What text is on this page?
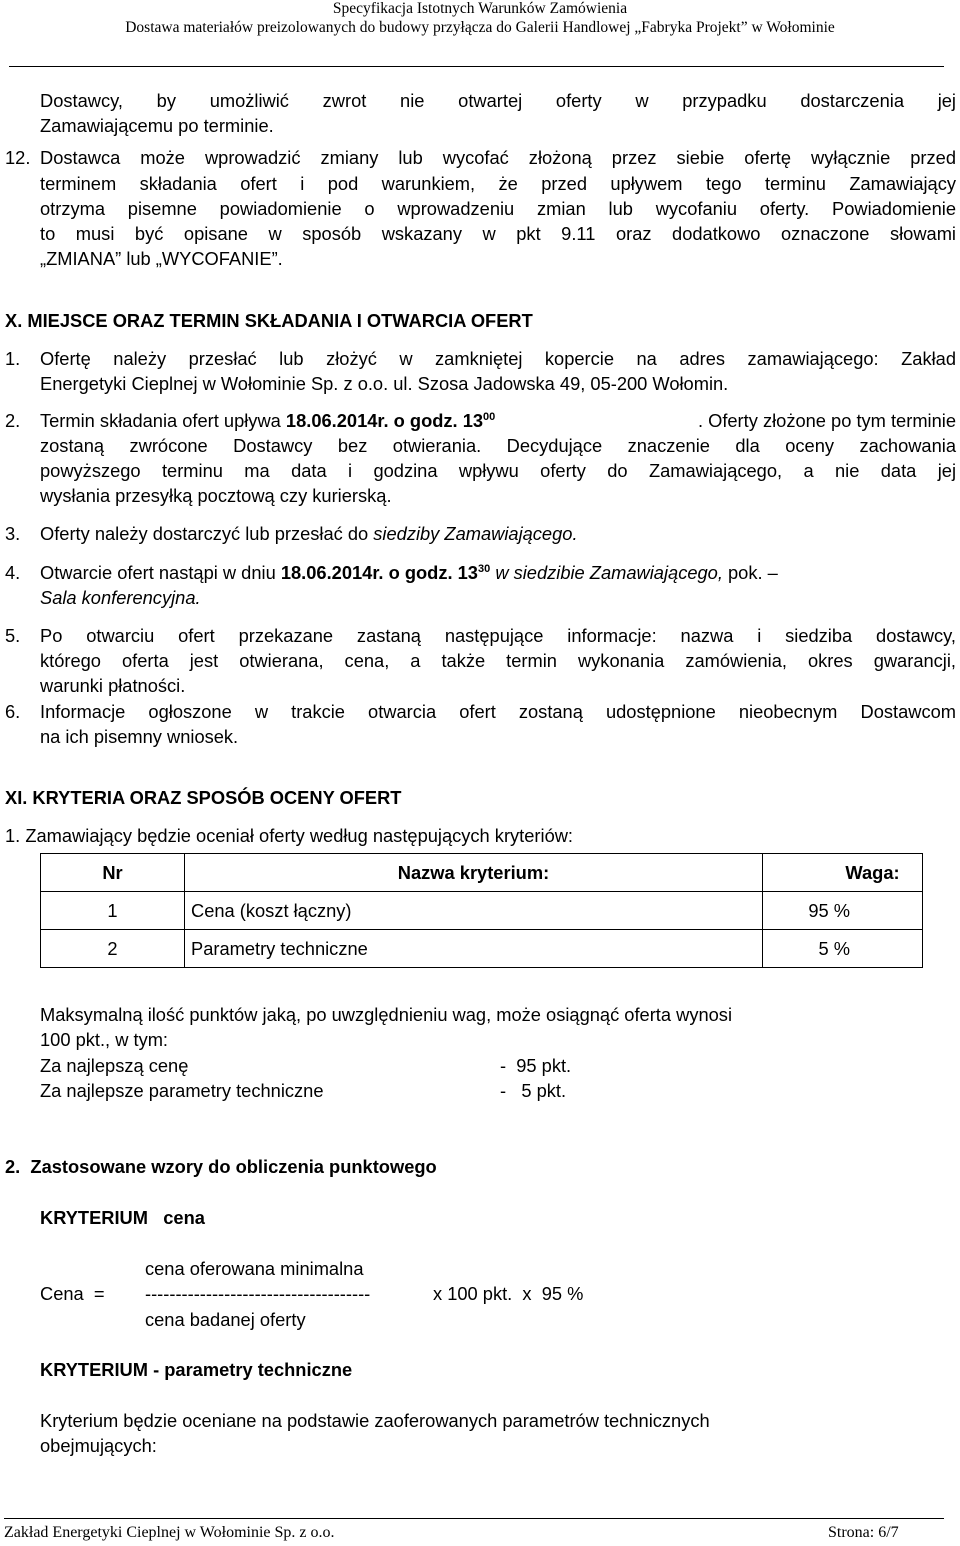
Specyfikacja Istotnych Warunków Zamówienia
Dostawa materiałów preizolowanych do budowy przyłącza do Galerii Handlowej „Fabryka Projekt” w Wołominie
Dostawcy, by umożliwić zwrot nie otwartej oferty w przypadku dostarczenia jej
Zamawiającemu po terminie.
12. Dostawca może wprowadzić zmiany lub wycofać złożoną przez siebie ofertę wyłącznie przed
terminem składania ofert i pod warunkiem, że przed upływem tego terminu Zamawiający
otrzyma pisemne powiadomienie o wprowadzeniu zmian lub wycofaniu oferty. Powiadomienie
to musi być opisane w sposób wskazany w pkt 9.11 oraz dodatkowo oznaczone słowami
„ZMIANA” lub „WYCOFANIE”.
X. MIEJSCE ORAZ TERMIN SKŁADANIA I OTWARCIA OFERT
1. Ofertę należy przesłać lub złożyć w zamkniętej kopercie na adres zamawiającego: Zakład
Energetyki Cieplnej w Wołominie Sp. z o.o. ul. Szosa Jadowska 49, 05-200 Wołomin.
2. Termin składania ofert upływa 18.06.2014r. o godz. $13^{00}$	. Oferty złożone po tym terminie
zostaną zwrócone Dostawcy bez otwierania. Decydujące znaczenie dla oceny zachowania
powyższego terminu ma data i godzina wpływu oferty do Zamawiającego, a nie data jej
wysłania przesyłką pocztową czy kurierską.
3. Oferty należy dostarczyć lub przesłać do siedziby Zamawiającego.
4. Otwarcie ofert nastąpi w dniu 18.06.2014r. o godz. $13^{30}$ w siedzibie Zamawiającego, pok. –
Sala konferencyjna.
5. Po otwarciu ofert przekazane zastaną następujące informacje: nazwa i siedziba dostawcy,
którego oferta jest otwierana, cena, a także termin wykonania zamówienia, okres gwarancji,
warunki płatności.
6. Informacje ogłoszone w trakcie otwarcia ofert zostaną udostępnione nieobecnym Dostawcom
na ich pisemny wniosek.
XI. KRYTERIA ORAZ SPOSÓB OCENY OFERT
1. Zamawiający będzie oceniał oferty według następujących kryteriów:
Nr	Nazwa kryterium:	Waga:
1	Cena (koszt łączny)	95 %
2	Parametry techniczne	5 %
Maksymalną ilość punktów jaką, po uwzględnieniu wag, może osiągnąć oferta wynosi
100 pkt., w tym:
Za najlepszą cenę	-  95 pkt.
Za najlepsze parametry techniczne	-   5 pkt.
2.  Zastosowane wzory do obliczenia punktowego
KRYTERIUM   cena
cena oferowana minimalna
Cena  = -------------------------------------	x 100 pkt.  x  95 %
cena badanej oferty
KRYTERIUM - parametry techniczne
Kryterium będzie oceniane na podstawie zaoferowanych parametrów technicznych
obejmujących:
Zakład Energetyki Cieplnej w Wołominie Sp. z o.o.	Strona: 6/7
